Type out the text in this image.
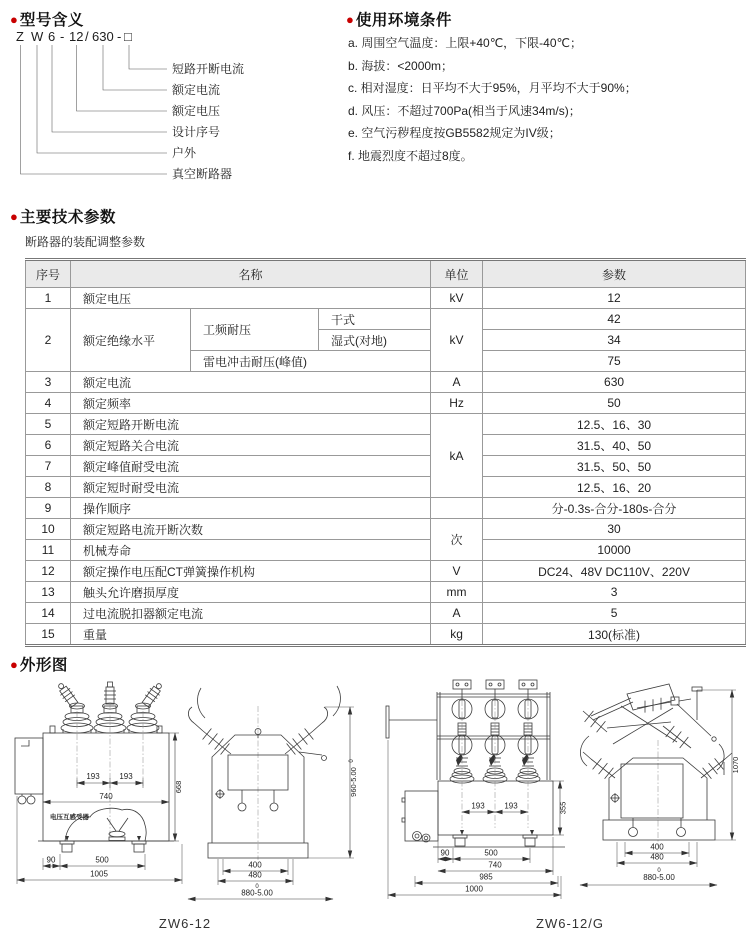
● 型号含义
Z W 6 - 12 / 630 - □
短路开断电流
额定电流
额定电压
设计序号
户外
真空断路器
● 使用环境条件
a. 周围空气温度：上限+40℃，下限-40℃；
b. 海拔：<2000m；
c. 相对湿度：日平均不大于95%，月平均不大于90%；
d. 风压：不超过700Pa(相当于风速34m/s)；
e. 空气污秽程度按GB5582规定为IV级；
f. 地震烈度不超过8度。
● 主要技术参数
断路器的装配调整参数
序号	名称			单位	参数
1	额定电压			kV	12
2	额定绝缘水平	工频耐压	干式	kV	42
			湿式(对地)		34
		雷电冲击耐压(峰值)			75
3	额定电流			A	630
4	额定频率			Hz	50
5	额定短路开断电流			kA	12.5、16、30
6	额定短路关合电流				31.5、40、50
7	额定峰值耐受电流				31.5、50、50
8	额定短时耐受电流				12.5、16、20
9	操作顺序				分-0.3s-合分-180s-合分
10	额定短路电流开断次数			次	30
11	机械寿命				10000
12	额定操作电压配CT弹簧操作机构			V	DC24、48V DC110V、220V
13	触头允许磨损厚度			mm	3
14	过电流脱扣器额定电流			A	5
15	重量			kg	130(标准)
● 外形图
电压互感受器
193 193
740
668
90	500
1005
400
480
0
880-5.00
960-5.00
0
193 193	355
90	500
740
985
1000
400
480
0
880-5.00
1070
ZW6-12	ZW6-12/G
